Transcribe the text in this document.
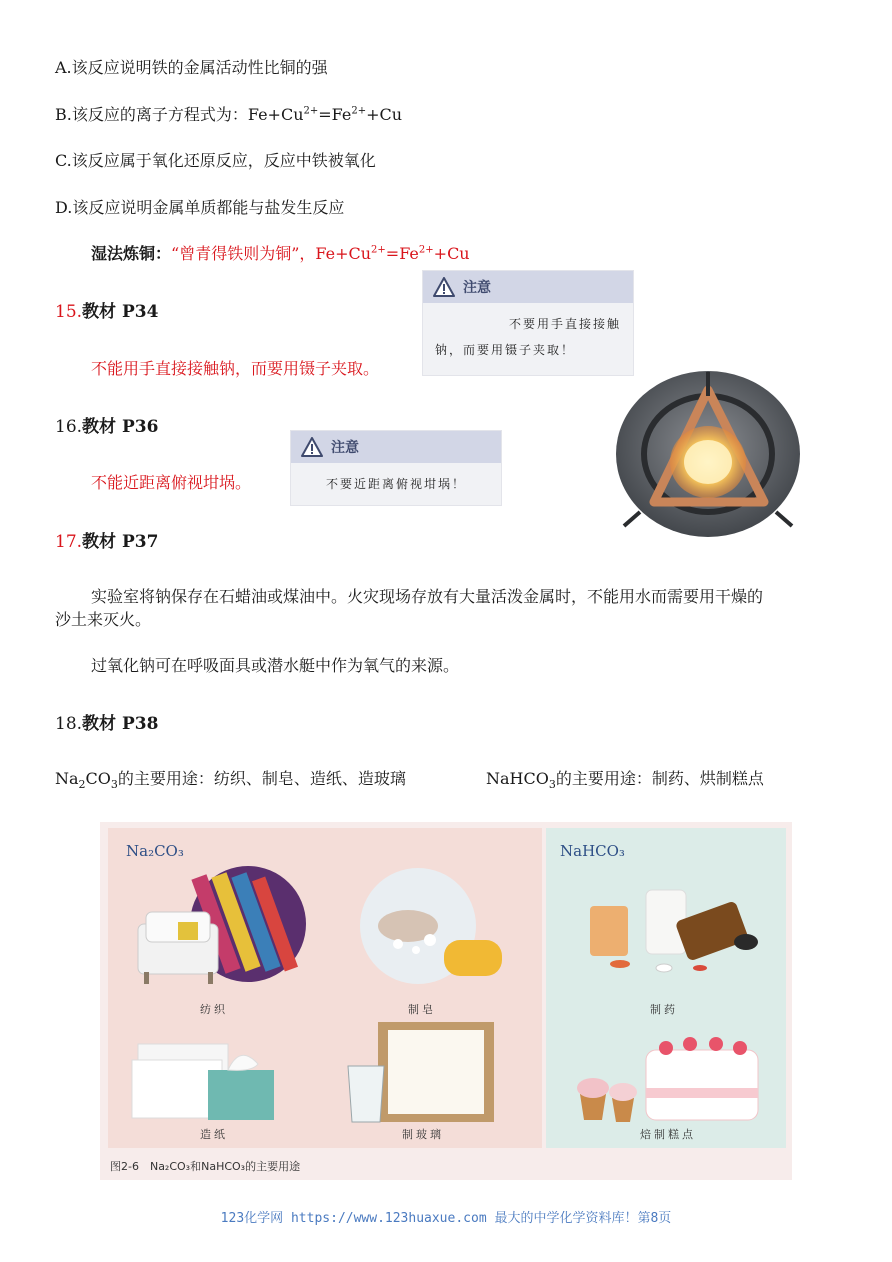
A.该反应说明铁的金属活动性比铜的强
B.该反应的离子方程式为：$Fe+Cu^{2+}=Fe^{2+}+Cu$
C.该反应属于氧化还原反应，反应中铁被氧化
D.该反应说明金属单质都能与盐发生反应
湿法炼铜：“曾青得铁则为铜”，$Fe+Cu^{2+}=Fe^{2+}+Cu$
15.教材 P34
不能用手直接接触钠，而要用镊子夹取。
注意
不要用手直接接触
钠，而要用镊子夹取！
16.教材 P36
不能近距离俯视坩埚。
注意
不要近距离俯视坩埚！
17.教材 P37
实验室将钠保存在石蜡油或煤油中。火灾现场存放有大量活泼金属时，不能用水而需要用干燥的
沙土来灭火。
过氧化钠可在呼吸面具或潜水艇中作为氧气的来源。
18.教材 P38
$Na_2CO_3$的主要用途：纺织、制皂、造纸、造玻璃	NaHCO$_3$的主要用途：制药、烘制糕点
Na₂CO₃
纺织	制皂
造纸	制玻璃
NaHCO₃
制药
焙制糕点
图2-6　Na₂CO₃和NaHCO₃的主要用途
123化学网 https://www.123huaxue.com 最大的中学化学资料库！第8页
